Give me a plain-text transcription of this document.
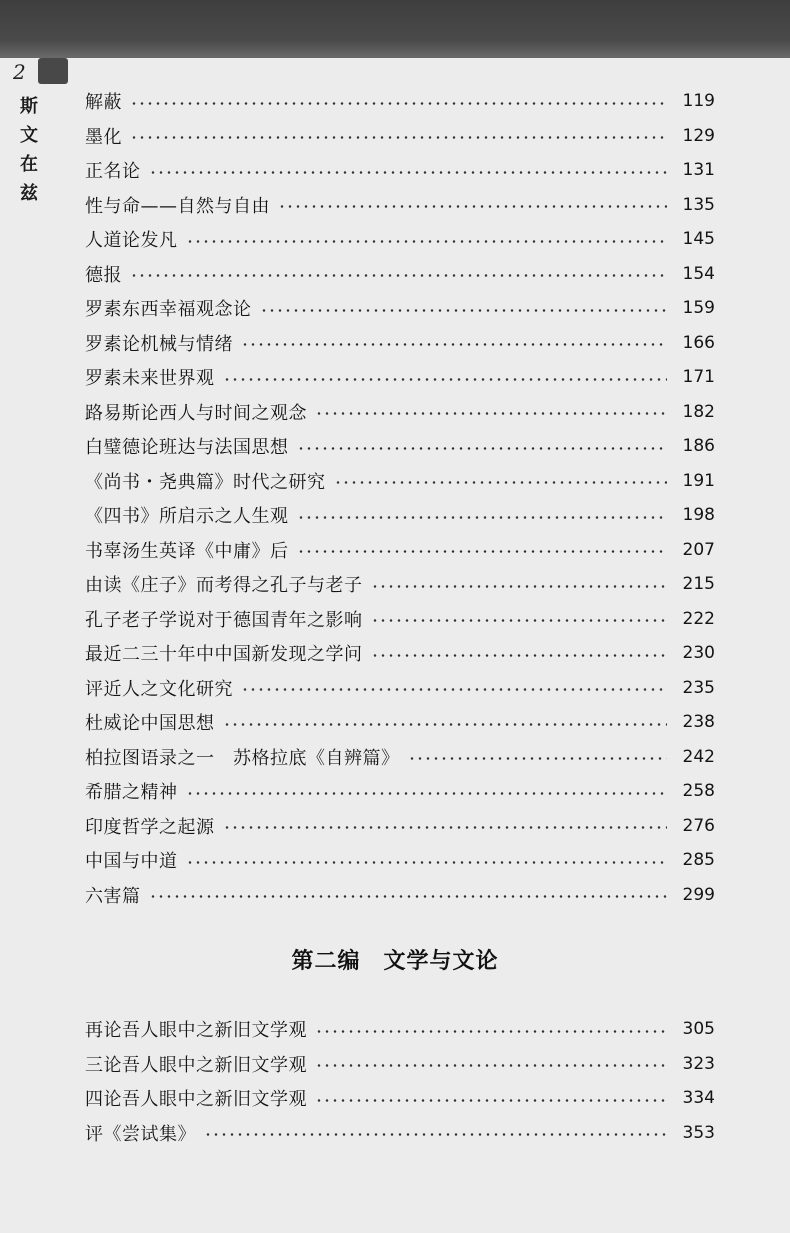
2
斯
文
在
兹
解蔽	119
墨化	129
正名论	131
性与命——自然与自由	135
人道论发凡	145
德报	154
罗素东西幸福观念论	159
罗素论机械与情绪	166
罗素未来世界观	171
路易斯论西人与时间之观念	182
白璧德论班达与法国思想	186
《尚书・尧典篇》时代之研究	191
《四书》所启示之人生观	198
书辜汤生英译《中庸》后	207
由读《庄子》而考得之孔子与老子	215
孔子老子学说对于德国青年之影响	222
最近二三十年中中国新发现之学问	230
评近人之文化研究	235
杜威论中国思想	238
柏拉图语录之一　苏格拉底《自辨篇》	242
希腊之精神	258
印度哲学之起源	276
中国与中道	285
六害篇	299
第二编　文学与文论
再论吾人眼中之新旧文学观	305
三论吾人眼中之新旧文学观	323
四论吾人眼中之新旧文学观	334
评《尝试集》	353
